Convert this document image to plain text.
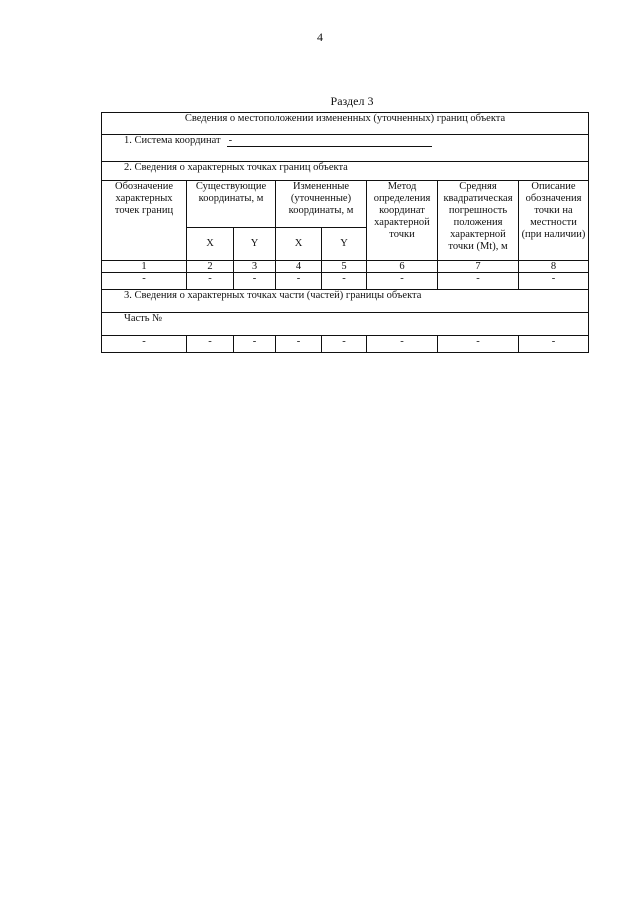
4
Раздел 3
Сведения о местоположении измененных (уточненных) границ объекта							
1. Система координат -							
2. Сведения о характерных точках границ объекта							
Обозначение характерных точек границ	Существующие координаты, м		Измененные (уточненные) координаты, м		Метод определения координат характерной точки	Средняя квадратическая погрешность положения характерной точки (Mt), м	Описание обозначения точки на местности (при наличии)
	X	Y	X	Y			
1	2	3	4	5	6	7	8
-	-	-	-	-	-	-	-
3. Сведения о характерных точках части (частей) границы объекта							
Часть №							
-	-	-	-	-	-	-	-
